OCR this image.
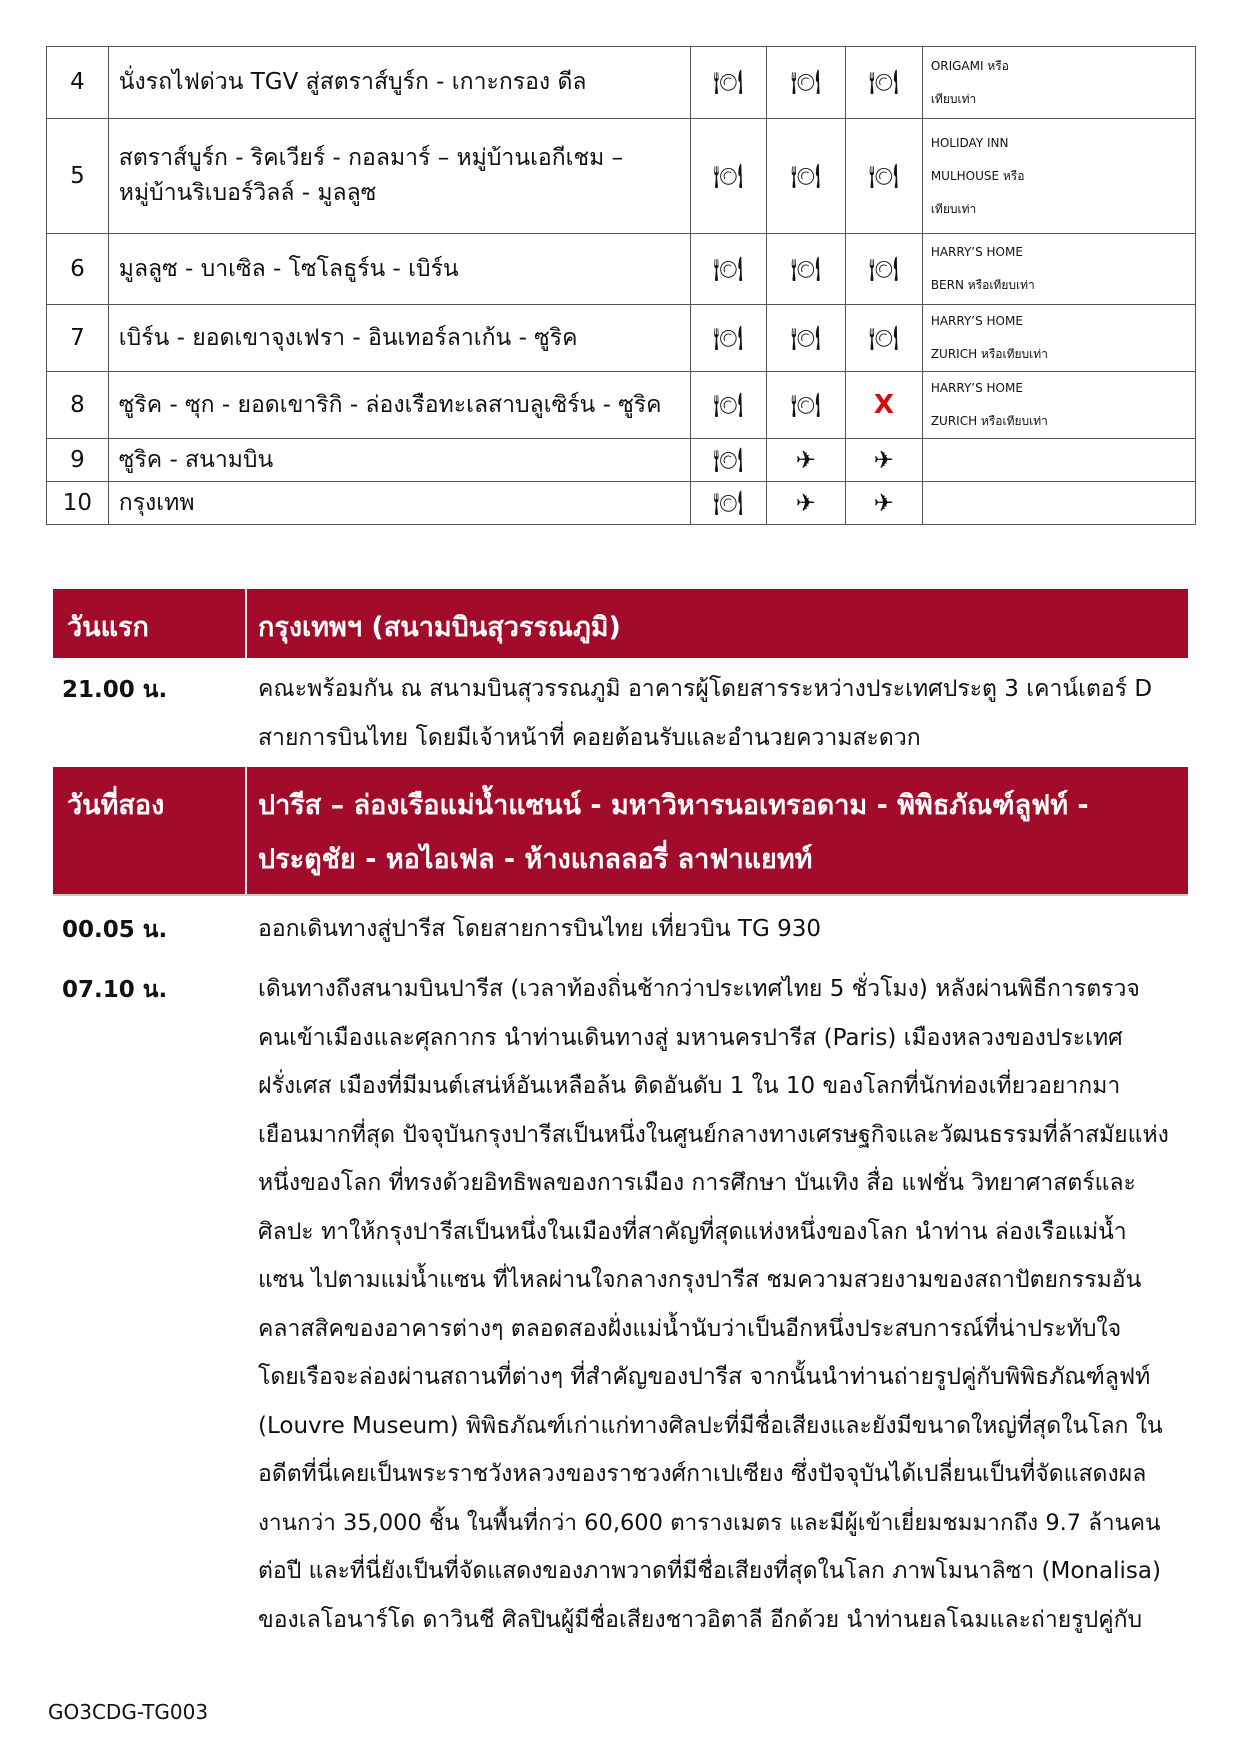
4	นั่งรถไฟด่วน TGV สู่สตราส์บูร์ก - เกาะกรอง ดีล	🍽	🍽	🍽	ORIGAMI หรือ
เทียบเท่า

5	สตราส์บูร์ก - ริคเวียร์ - กอลมาร์ – หมู่บ้านเอกีเชม –
หมู่บ้านริเบอร์วิลล์ - มูลลูซ	🍽	🍽	🍽	HOLIDAY INN
MULHOUSE หรือ
เทียบเท่า

6	มูลลูซ - บาเซิล - โซโลธูร์น - เบิร์น	🍽	🍽	🍽	HARRY’S HOME
BERN หรือเทียบเท่า

7	เบิร์น - ยอดเขาจุงเฟรา - อินเทอร์ลาเก้น - ซูริค	🍽	🍽	🍽	HARRY’S HOME
ZURICH หรือเทียบเท่า

8	ซูริค - ซุก - ยอดเขาริกิ - ล่องเรือทะเลสาบลูเซิร์น - ซูริค	🍽	🍽	X	HARRY’S HOME
ZURICH หรือเทียบเท่า

9	ซูริค - สนามบิน	🍽	✈	✈	
10	กรุงเทพ	🍽	✈	✈	
วันแรก	กรุงเทพฯ (สนามบินสุวรรณภูมิ)
21.00 น.	คณะพร้อมกัน ณ สนามบินสุวรรณภูมิ อาคารผู้โดยสารระหว่างประเทศประตู 3 เคาน์เตอร์ D
สายการบินไทย โดยมีเจ้าหน้าที่ คอยต้อนรับและอำนวยความสะดวก
วันที่สอง	ปารีส – ล่องเรือแม่น้ำแซนน์ - มหาวิหารนอเทรอดาม - พิพิธภัณฑ์ลูฟท์ -
ประตูชัย - หอไอเฟล - ห้างแกลลอรี่ ลาฟาแยทท์
00.05 น.	ออกเดินทางสู่ปารีส โดยสายการบินไทย เที่ยวบิน TG 930
07.10 น.	เดินทางถึงสนามบินปารีส (เวลาท้องถิ่นช้ากว่าประเทศไทย 5 ชั่วโมง) หลังผ่านพิธีการตรวจ
คนเข้าเมืองและศุลกากร นำท่านเดินทางสู่ มหานครปารีส (Paris) เมืองหลวงของประเทศ
ฝรั่งเศส เมืองที่มีมนต์เสน่ห์อันเหลือล้น ติดอันดับ 1 ใน 10 ของโลกที่นักท่องเที่ยวอยากมา
เยือนมากที่สุด ปัจจุบันกรุงปารีสเป็นหนึ่งในศูนย์กลางทางเศรษฐกิจและวัฒนธรรมที่ล้าสมัยแห่ง
หนึ่งของโลก ที่ทรงด้วยอิทธิพลของการเมือง การศึกษา บันเทิง สื่อ แฟชั่น วิทยาศาสตร์และ
ศิลปะ ทาให้กรุงปารีสเป็นหนึ่งในเมืองที่สาคัญที่สุดแห่งหนึ่งของโลก นำท่าน ล่องเรือแม่น้ำ
แซน ไปตามแม่น้ำแซน ที่ไหลผ่านใจกลางกรุงปารีส ชมความสวยงามของสถาปัตยกรรมอัน
คลาสสิคของอาคารต่างๆ ตลอดสองฝั่งแม่น้ำนับว่าเป็นอีกหนึ่งประสบการณ์ที่น่าประทับใจ
โดยเรือจะล่องผ่านสถานที่ต่างๆ ที่สำคัญของปารีส จากนั้นนำท่านถ่ายรูปคู่กับพิพิธภัณฑ์ลูฟท์
(Louvre Museum) พิพิธภัณฑ์เก่าแก่ทางศิลปะที่มีชื่อเสียงและยังมีขนาดใหญ่ที่สุดในโลก ใน
อดีตที่นี่เคยเป็นพระราชวังหลวงของราชวงศ์กาเปเซียง ซึ่งปัจจุบันได้เปลี่ยนเป็นที่จัดแสดงผล
งานกว่า 35,000 ชิ้น ในพื้นที่กว่า 60,600 ตารางเมตร และมีผู้เข้าเยี่ยมชมมากถึง 9.7 ล้านคน
ต่อปี และที่นี่ยังเป็นที่จัดแสดงของภาพวาดที่มีชื่อเสียงที่สุดในโลก ภาพโมนาลิซา (Monalisa)
ของเลโอนาร์โด ดาวินชี ศิลปินผู้มีชื่อเสียงชาวอิตาลี อีกด้วย นำท่านยลโฉมและถ่ายรูปคู่กับ
GO3CDG-TG003
